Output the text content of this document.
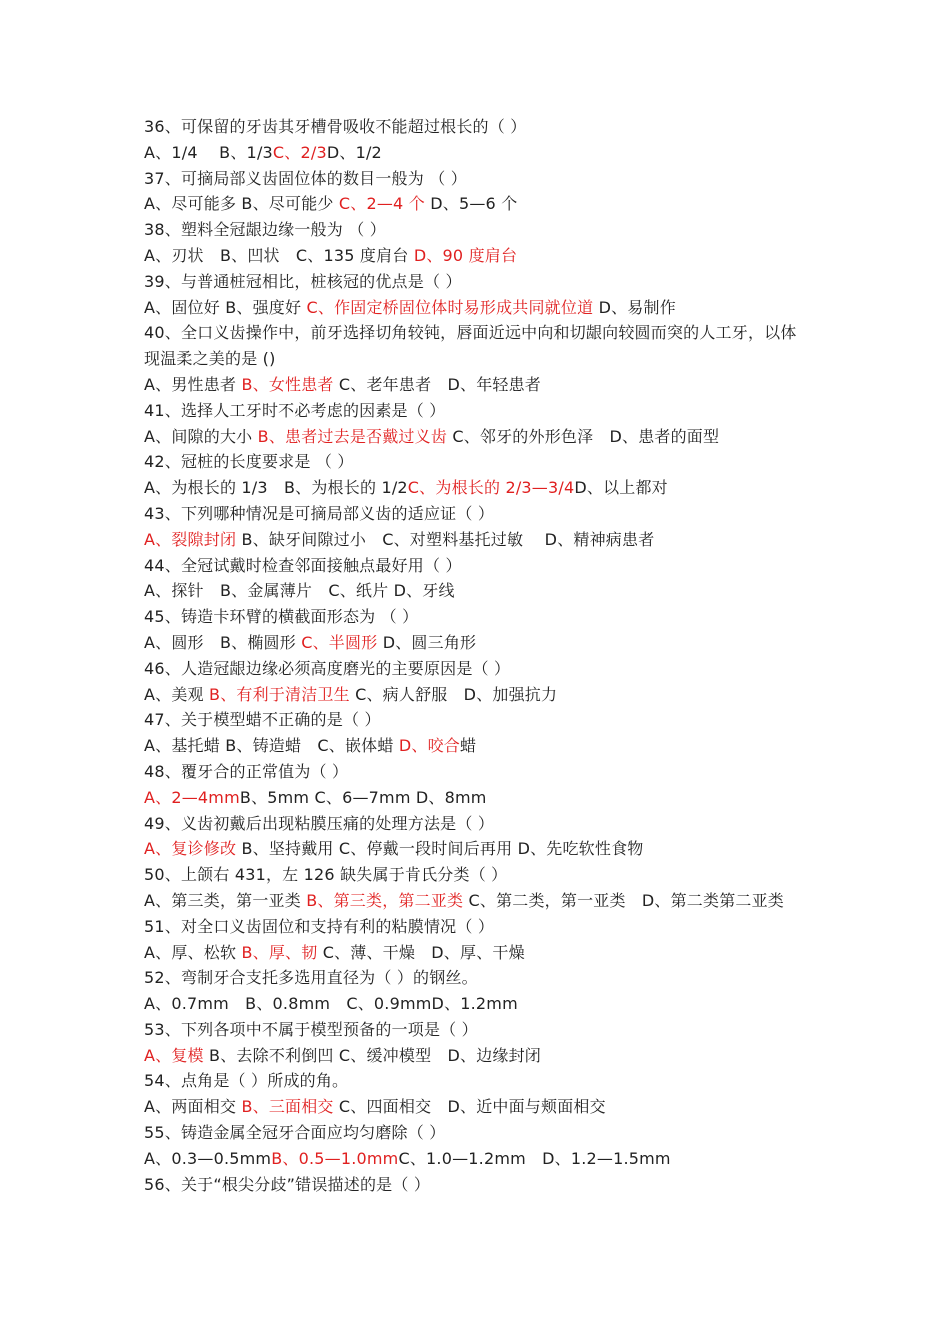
36、可保留的牙齿其牙槽骨吸收不能超过根长的（ ）
A、1/4　 B、1/3C、2/3D、1/2
37、可摘局部义齿固位体的数目一般为 （ ）
A、尽可能多 B、尽可能少 C、2—4 个 D、5—6 个
38、塑料全冠龈边缘一般为 （ ）
A、刃状　B、凹状　C、135 度肩台 D、90 度肩台
39、与普通桩冠相比，桩核冠的优点是（ ）
A、固位好 B、强度好 C、作固定桥固位体时易形成共同就位道 D、易制作
40、全口义齿操作中，前牙选择切角较钝，唇面近远中向和切龈向较圆而突的人工牙，以体现温柔之美的是 ()
A、男性患者 B、女性患者 C、老年患者　D、年轻患者
41、选择人工牙时不必考虑的因素是（ ）
A、间隙的大小 B、患者过去是否戴过义齿 C、邻牙的外形色泽　D、患者的面型
42、冠桩的长度要求是 （ ）
A、为根长的 1/3　B、为根长的 1/2C、为根长的 2/3—3/4D、以上都对
43、下列哪种情况是可摘局部义齿的适应证（ ）
A、裂隙封闭 B、缺牙间隙过小　C、对塑料基托过敏　 D、精神病患者
44、全冠试戴时检查邻面接触点最好用（ ）
A、探针　B、金属薄片　C、纸片 D、牙线
45、铸造卡环臂的横截面形态为 （ ）
A、圆形　B、椭圆形 C、半圆形 D、圆三角形
46、人造冠龈边缘必须高度磨光的主要原因是（ ）
A、美观 B、有利于清洁卫生 C、病人舒服　D、加强抗力
47、关于模型蜡不正确的是（ ）
A、基托蜡 B、铸造蜡　C、嵌体蜡 D、咬合蜡
48、覆牙合的正常值为（ ）
A、2—4mmB、5mm C、6—7mm D、8mm
49、义齿初戴后出现粘膜压痛的处理方法是（ ）
A、复诊修改 B、坚持戴用 C、停戴一段时间后再用 D、先吃软性食物
50、上颌右 431，左 126 缺失属于肯氏分类（ ）
A、第三类，第一亚类 B、第三类，第二亚类 C、第二类，第一亚类　D、第二类第二亚类
51、对全口义齿固位和支持有利的粘膜情况（ ）
A、厚、松软 B、厚、韧 C、薄、干燥　D、厚、干燥
52、弯制牙合支托多选用直径为（ ）的钢丝。
A、0.7mm　B、0.8mm　C、0.9mmD、1.2mm
53、下列各项中不属于模型预备的一项是（ ）
A、复模 B、去除不利倒凹 C、缓冲模型　D、边缘封闭
54、点角是（ ）所成的角。
A、两面相交 B、三面相交 C、四面相交　D、近中面与颊面相交
55、铸造金属全冠牙合面应均匀磨除（ ）
A、0.3—0.5mmB、0.5—1.0mmC、1.0—1.2mm　D、1.2—1.5mm
56、关于“根尖分歧”错误描述的是（ ）
